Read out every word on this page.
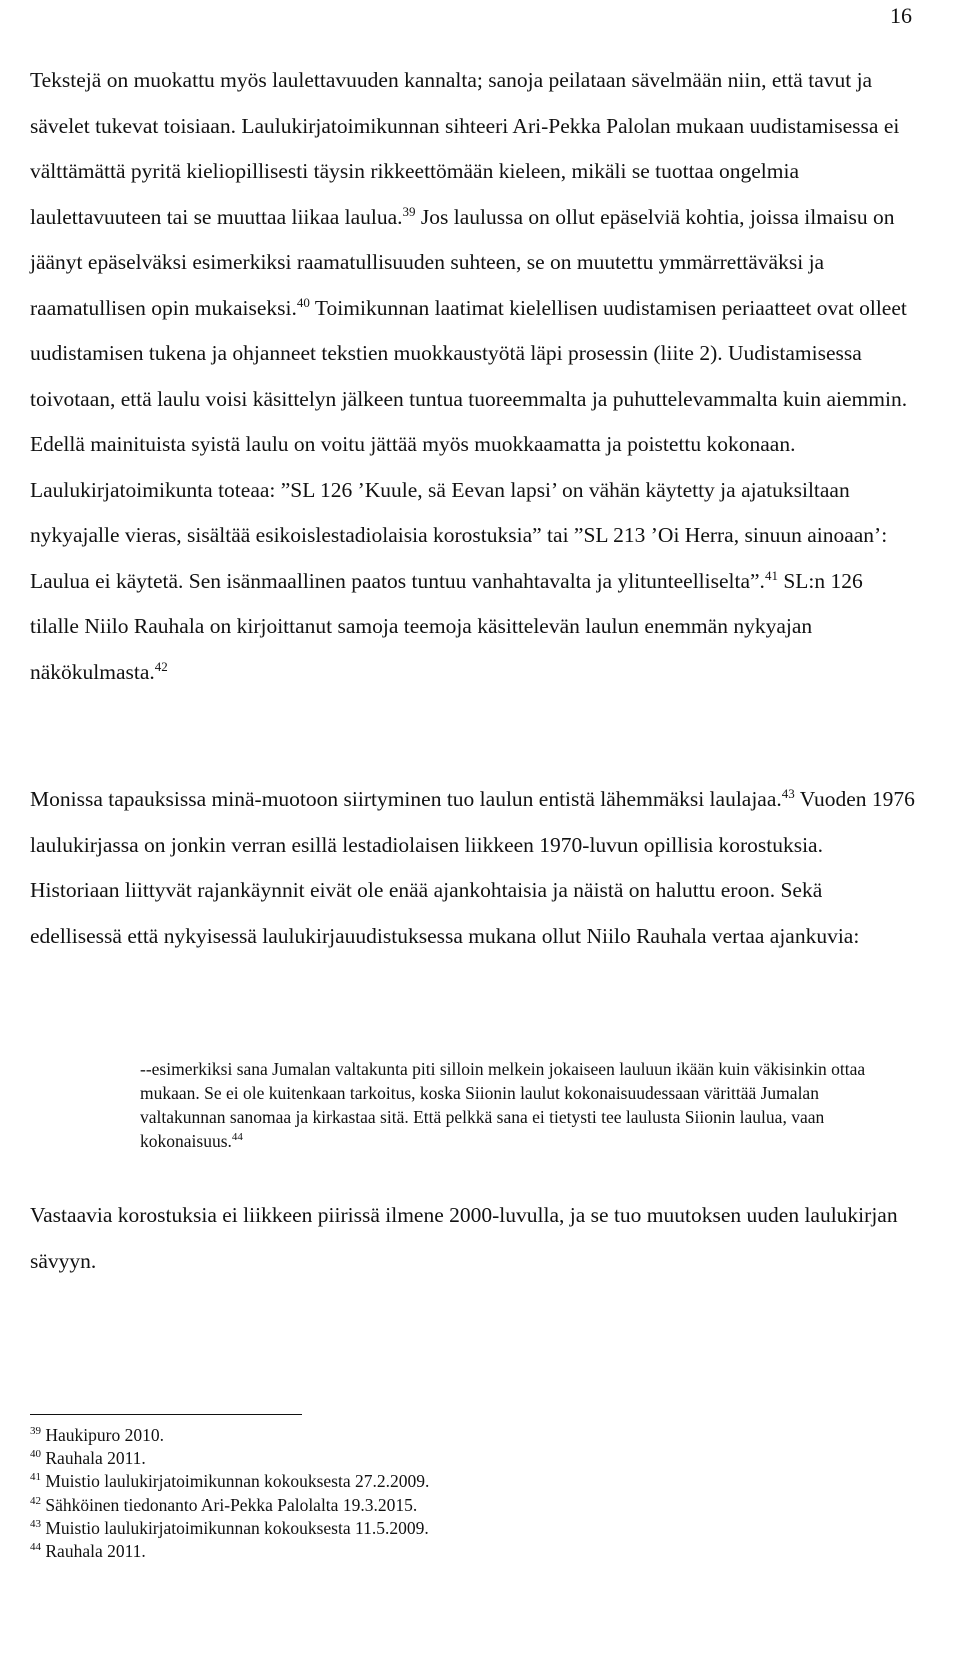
16

Tekstejä on muokattu myös laulettavuuden kannalta; sanoja peilataan sävelmään niin, että tavut ja sävelet tukevat toisiaan. Laulukirjatoimikunnan sihteeri Ari-Pekka Palolan mukaan uudistamisessa ei välttämättä pyritä kieliopillisesti täysin rikkeettömään kieleen, mikäli se tuottaa ongelmia laulettavuuteen tai se muuttaa liikaa laulua.$^{39}$ Jos laulussa on ollut epäselviä kohtia, joissa ilmaisu on jäänyt epäselväksi esimerkiksi raamatullisuuden suhteen, se on muutettu ymmärrettäväksi ja raamatullisen opin mukaiseksi.$^{40}$ Toimikunnan laatimat kielellisen uudistamisen periaatteet ovat olleet uudistamisen tukena ja ohjanneet tekstien muokkaustyötä läpi prosessin (liite 2). Uudistamisessa toivotaan, että laulu voisi käsittelyn jälkeen tuntua tuoreemmalta ja puhuttelevammalta kuin aiemmin. Edellä mainituista syistä laulu on voitu jättää myös muokkaamatta ja poistettu kokonaan. Laulukirjatoimikunta toteaa: ”SL 126 ’Kuule, sä Eevan lapsi’ on vähän käytetty ja ajatuksiltaan nykyajalle vieras, sisältää esikoislestadiolaisia korostuksia” tai ”SL 213 ’Oi Herra, sinuun ainoaan’: Laulua ei käytetä. Sen isänmaallinen paatos tuntuu vanhahtavalta ja ylitunteelliselta”.$^{41}$ SL:n 126 tilalle Niilo Rauhala on kirjoittanut samoja teemoja käsittelevän laulun enemmän nykyajan näkökulmasta.$^{42}$

Monissa tapauksissa minä-muotoon siirtyminen tuo laulun entistä lähemmäksi laulajaa.$^{43}$ Vuoden 1976 laulukirjassa on jonkin verran esillä lestadiolaisen liikkeen 1970-luvun opillisia korostuksia. Historiaan liittyvät rajankäynnit eivät ole enää ajankohtaisia ja näistä on haluttu eroon. Sekä edellisessä että nykyisessä laulukirjauudistuksessa mukana ollut Niilo Rauhala vertaa ajankuvia:

--esimerkiksi sana Jumalan valtakunta piti silloin melkein jokaiseen lauluun ikään kuin väkisinkin ottaa mukaan. Se ei ole kuitenkaan tarkoitus, koska Siionin laulut kokonaisuudessaan värittää Jumalan valtakunnan sanomaa ja kirkastaa sitä. Että pelkkä sana ei tietysti tee laulusta Siionin laulua, vaan kokonaisuus.$^{44}$

Vastaavia korostuksia ei liikkeen piirissä ilmene 2000-luvulla, ja se tuo muutoksen uuden laulukirjan sävyyn.

$^{39}$ Haukipuro 2010.
$^{40}$ Rauhala 2011.
$^{41}$ Muistio laulukirjatoimikunnan kokouksesta 27.2.2009.
$^{42}$ Sähköinen tiedonanto Ari-Pekka Palolalta 19.3.2015.
$^{43}$ Muistio laulukirjatoimikunnan kokouksesta 11.5.2009.
$^{44}$ Rauhala 2011.
